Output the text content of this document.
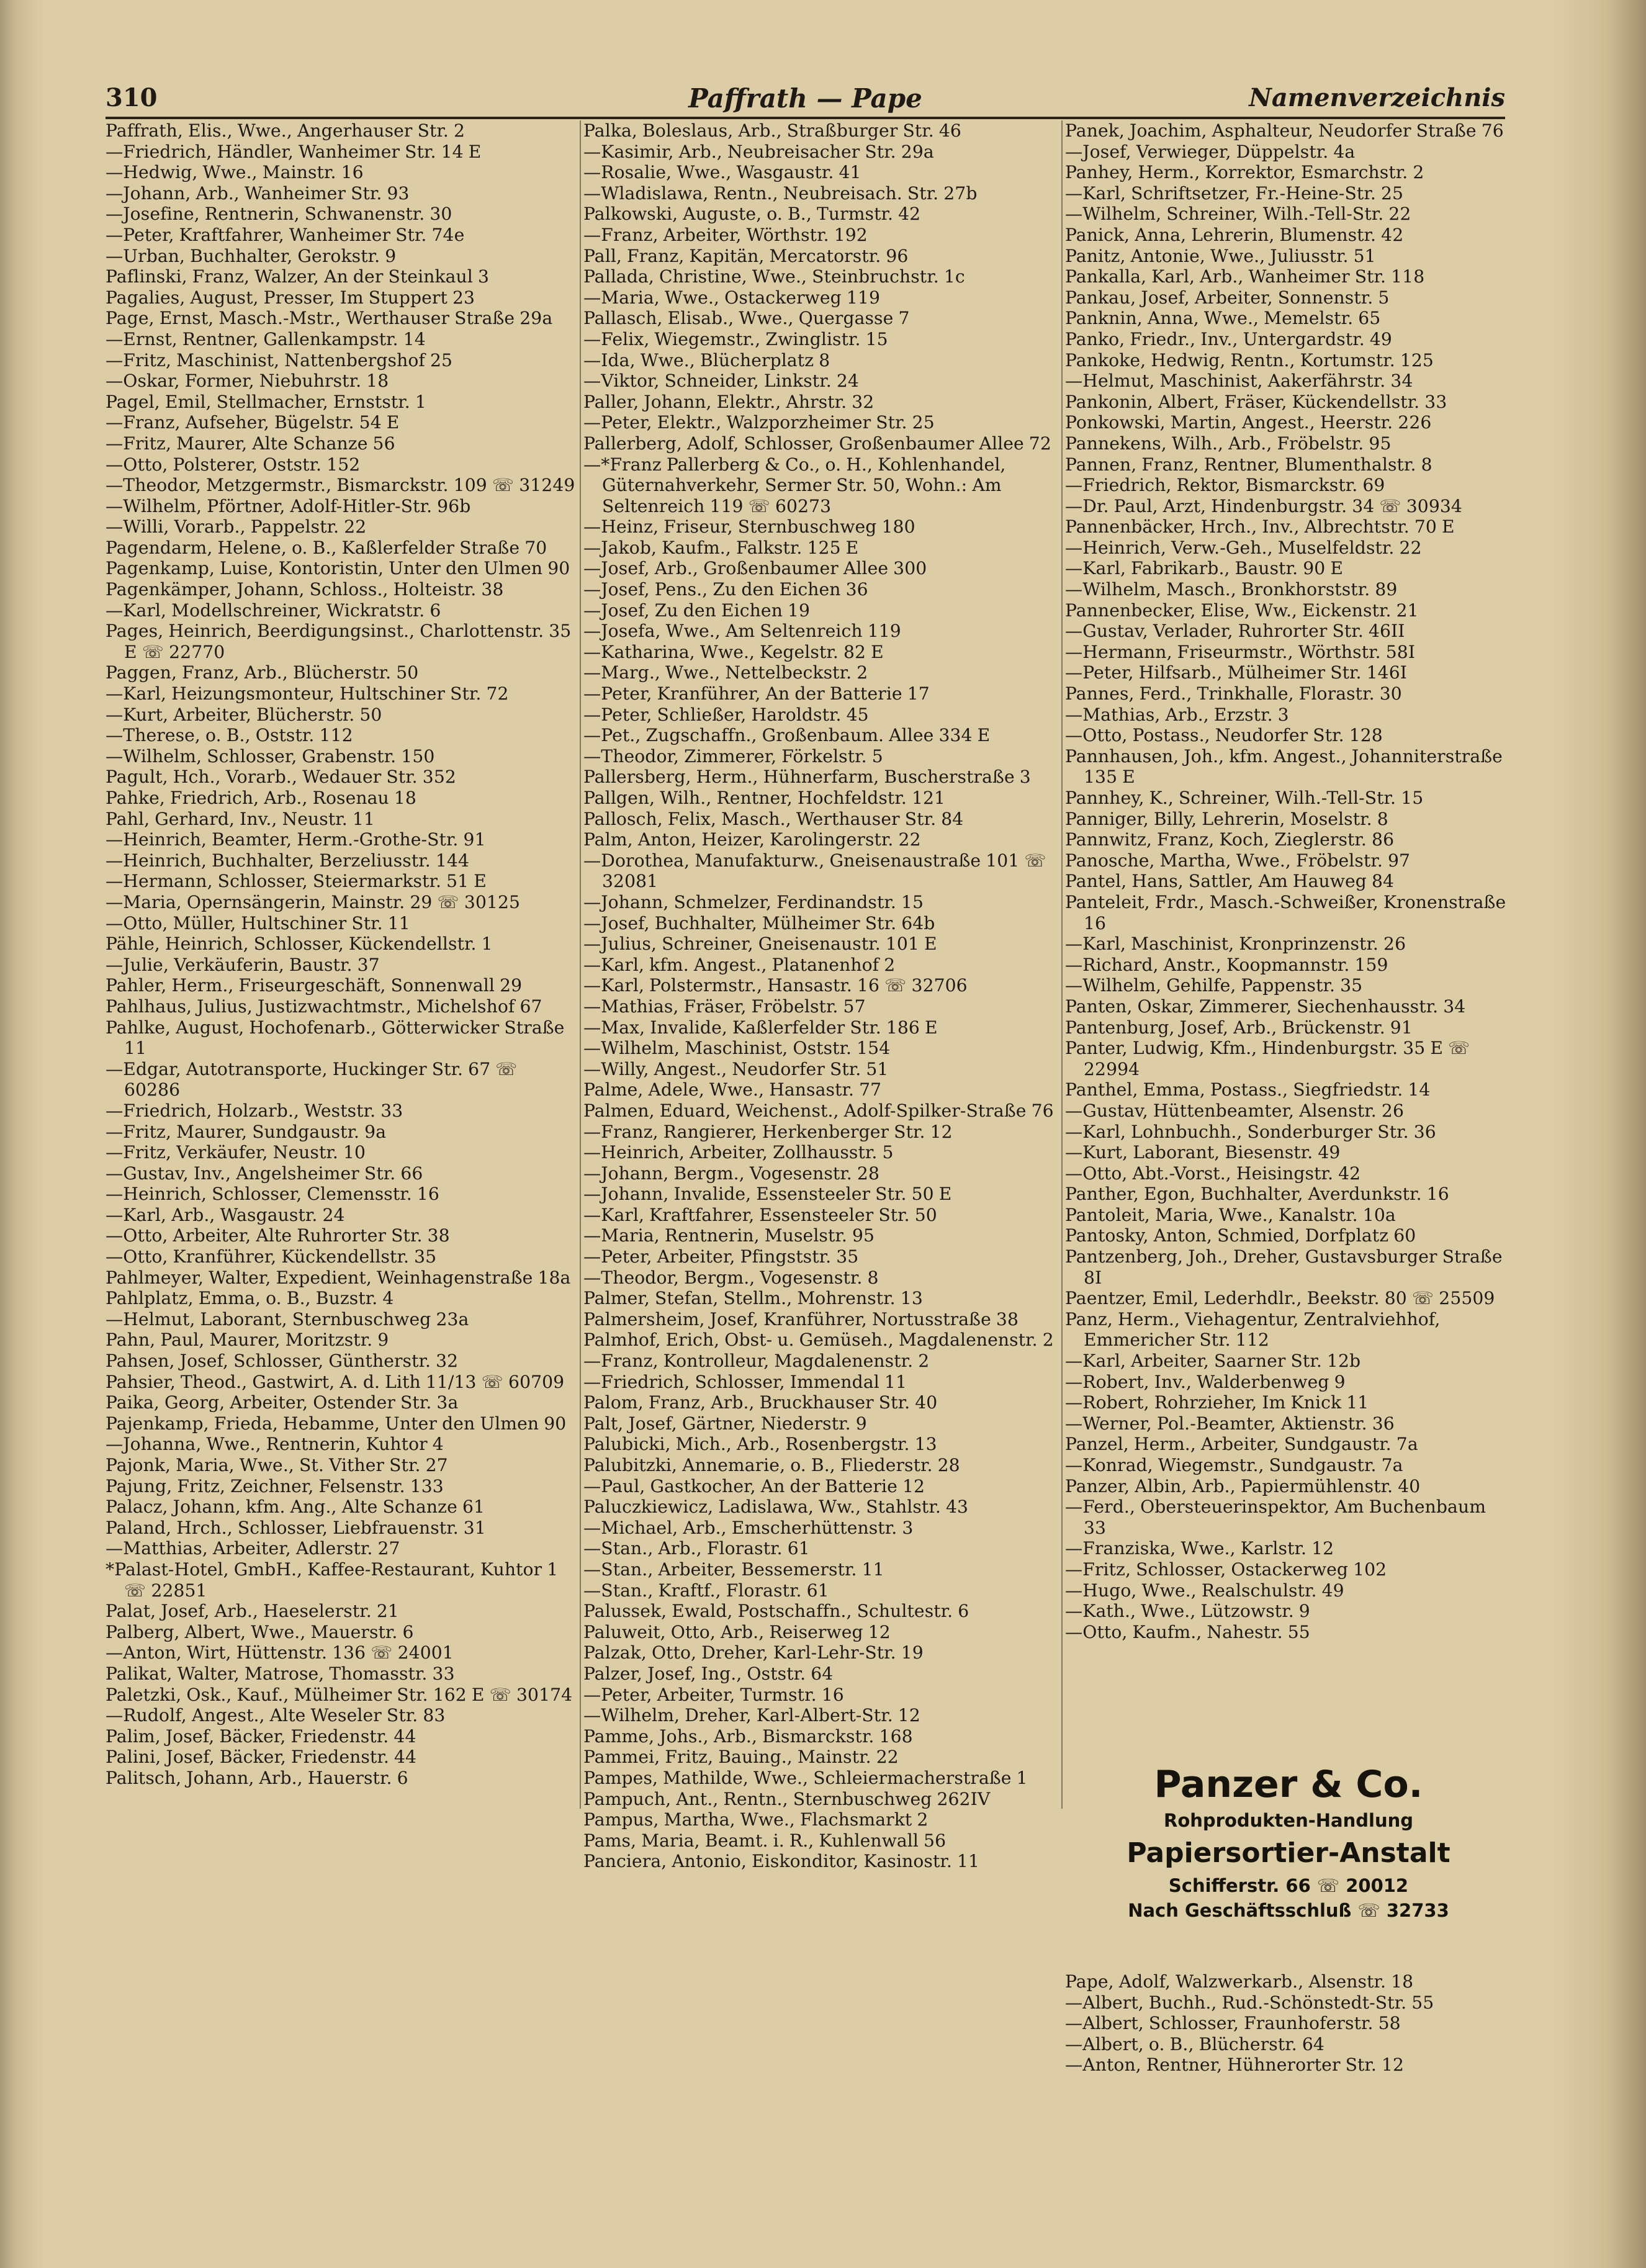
310	Paffrath — Pape	Namenverzeichnis
Paffrath, Elis., Wwe., Angerhauser Str. 2
—Friedrich, Händler, Wanheimer Str. 14 E
—Hedwig, Wwe., Mainstr. 16
—Johann, Arb., Wanheimer Str. 93
—Josefine, Rentnerin, Schwanenstr. 30
—Peter, Kraftfahrer, Wanheimer Str. 74e
—Urban, Buchhalter, Gerokstr. 9
Paflinski, Franz, Walzer, An der Steinkaul 3
Pagalies, August, Presser, Im Stuppert 23
Page, Ernst, Masch.-Mstr., Werthauser Straße 29a
—Ernst, Rentner, Gallenkampstr. 14
—Fritz, Maschinist, Nattenbergshof 25
—Oskar, Former, Niebuhrstr. 18
Pagel, Emil, Stellmacher, Ernststr. 1
—Franz, Aufseher, Bügelstr. 54 E
—Fritz, Maurer, Alte Schanze 56
—Otto, Polsterer, Oststr. 152
—Theodor, Metzgermstr., Bismarckstr. 109 ☏ 31249
—Wilhelm, Pförtner, Adolf-Hitler-Str. 96b
—Willi, Vorarb., Pappelstr. 22
Pagendarm, Helene, o. B., Kaßlerfelder Straße 70
Pagenkamp, Luise, Kontoristin, Unter den Ulmen 90
Pagenkämper, Johann, Schloss., Holteistr. 38
—Karl, Modellschreiner, Wickratstr. 6
Pages, Heinrich, Beerdigungsinst., Charlottenstr. 35 E ☏ 22770
Paggen, Franz, Arb., Blücherstr. 50
—Karl, Heizungsmonteur, Hultschiner Str. 72
—Kurt, Arbeiter, Blücherstr. 50
—Therese, o. B., Oststr. 112
—Wilhelm, Schlosser, Grabenstr. 150
Pagult, Hch., Vorarb., Wedauer Str. 352
Pahke, Friedrich, Arb., Rosenau 18
Pahl, Gerhard, Inv., Neustr. 11
—Heinrich, Beamter, Herm.-Grothe-Str. 91
—Heinrich, Buchhalter, Berzeliusstr. 144
—Hermann, Schlosser, Steiermarkstr. 51 E
—Maria, Opernsängerin, Mainstr. 29 ☏ 30125
—Otto, Müller, Hultschiner Str. 11
Pähle, Heinrich, Schlosser, Kückendellstr. 1
—Julie, Verkäuferin, Baustr. 37
Pahler, Herm., Friseurgeschäft, Sonnenwall 29
Pahlhaus, Julius, Justizwachtmstr., Michelshof 67
Pahlke, August, Hochofenarb., Götterwicker Straße 11
—Edgar, Autotransporte, Huckinger Str. 67 ☏ 60286
—Friedrich, Holzarb., Weststr. 33
—Fritz, Maurer, Sundgaustr. 9a
—Fritz, Verkäufer, Neustr. 10
—Gustav, Inv., Angelsheimer Str. 66
—Heinrich, Schlosser, Clemensstr. 16
—Karl, Arb., Wasgaustr. 24
—Otto, Arbeiter, Alte Ruhrorter Str. 38
—Otto, Kranführer, Kückendellstr. 35
Pahlmeyer, Walter, Expedient, Weinhagenstraße 18a
Pahlplatz, Emma, o. B., Buzstr. 4
—Helmut, Laborant, Sternbuschweg 23a
Pahn, Paul, Maurer, Moritzstr. 9
Pahsen, Josef, Schlosser, Güntherstr. 32
Pahsier, Theod., Gastwirt, A. d. Lith 11/13 ☏ 60709
Paika, Georg, Arbeiter, Ostender Str. 3a
Pajenkamp, Frieda, Hebamme, Unter den Ulmen 90
—Johanna, Wwe., Rentnerin, Kuhtor 4
Pajonk, Maria, Wwe., St. Vither Str. 27
Pajung, Fritz, Zeichner, Felsenstr. 133
Palacz, Johann, kfm. Ang., Alte Schanze 61
Paland, Hrch., Schlosser, Liebfrauenstr. 31
—Matthias, Arbeiter, Adlerstr. 27
*Palast-Hotel, GmbH., Kaffee-Restaurant, Kuhtor 1 ☏ 22851
Palat, Josef, Arb., Haeselerstr. 21
Palberg, Albert, Wwe., Mauerstr. 6
—Anton, Wirt, Hüttenstr. 136 ☏ 24001
Palikat, Walter, Matrose, Thomasstr. 33
Paletzki, Osk., Kauf., Mülheimer Str. 162 E ☏ 30174
—Rudolf, Angest., Alte Weseler Str. 83
Palim, Josef, Bäcker, Friedenstr. 44
Palini, Josef, Bäcker, Friedenstr. 44
Palitsch, Johann, Arb., Hauerstr. 6
Palka, Boleslaus, Arb., Straßburger Str. 46
—Kasimir, Arb., Neubreisacher Str. 29a
—Rosalie, Wwe., Wasgaustr. 41
—Wladislawa, Rentn., Neubreisach. Str. 27b
Palkowski, Auguste, o. B., Turmstr. 42
—Franz, Arbeiter, Wörthstr. 192
Pall, Franz, Kapitän, Mercatorstr. 96
Pallada, Christine, Wwe., Steinbruchstr. 1c
—Maria, Wwe., Ostackerweg 119
Pallasch, Elisab., Wwe., Quergasse 7
—Felix, Wiegemstr., Zwinglistr. 15
—Ida, Wwe., Blücherplatz 8
—Viktor, Schneider, Linkstr. 24
Paller, Johann, Elektr., Ahrstr. 32
—Peter, Elektr., Walzporzheimer Str. 25
Pallerberg, Adolf, Schlosser, Großenbaumer Allee 72
—*Franz Pallerberg & Co., o. H., Kohlenhandel, Güternahverkehr, Sermer Str. 50, Wohn.: Am Seltenreich 119 ☏ 60273
—Heinz, Friseur, Sternbuschweg 180
—Jakob, Kaufm., Falkstr. 125 E
—Josef, Arb., Großenbaumer Allee 300
—Josef, Pens., Zu den Eichen 36
—Josef, Zu den Eichen 19
—Josefa, Wwe., Am Seltenreich 119
—Katharina, Wwe., Kegelstr. 82 E
—Marg., Wwe., Nettelbeckstr. 2
—Peter, Kranführer, An der Batterie 17
—Peter, Schließer, Haroldstr. 45
—Pet., Zugschaffn., Großenbaum. Allee 334 E
—Theodor, Zimmerer, Förkelstr. 5
Pallersberg, Herm., Hühnerfarm, Buscherstraße 3
Pallgen, Wilh., Rentner, Hochfeldstr. 121
Pallosch, Felix, Masch., Werthauser Str. 84
Palm, Anton, Heizer, Karolingerstr. 22
—Dorothea, Manufakturw., Gneisenaustraße 101 ☏ 32081
—Johann, Schmelzer, Ferdinandstr. 15
—Josef, Buchhalter, Mülheimer Str. 64b
—Julius, Schreiner, Gneisenaustr. 101 E
—Karl, kfm. Angest., Platanenhof 2
—Karl, Polstermstr., Hansastr. 16 ☏ 32706
—Mathias, Fräser, Fröbelstr. 57
—Max, Invalide, Kaßlerfelder Str. 186 E
—Wilhelm, Maschinist, Oststr. 154
—Willy, Angest., Neudorfer Str. 51
Palme, Adele, Wwe., Hansastr. 77
Palmen, Eduard, Weichenst., Adolf-Spilker-Straße 76
—Franz, Rangierer, Herkenberger Str. 12
—Heinrich, Arbeiter, Zollhausstr. 5
—Johann, Bergm., Vogesenstr. 28
—Johann, Invalide, Essensteeler Str. 50 E
—Karl, Kraftfahrer, Essensteeler Str. 50
—Maria, Rentnerin, Muselstr. 95
—Peter, Arbeiter, Pfingststr. 35
—Theodor, Bergm., Vogesenstr. 8
Palmer, Stefan, Stellm., Mohrenstr. 13
Palmersheim, Josef, Kranführer, Nortusstraße 38
Palmhof, Erich, Obst- u. Gemüseh., Magdalenenstr. 2
—Franz, Kontrolleur, Magdalenenstr. 2
—Friedrich, Schlosser, Immendal 11
Palom, Franz, Arb., Bruckhauser Str. 40
Palt, Josef, Gärtner, Niederstr. 9
Palubicki, Mich., Arb., Rosenbergstr. 13
Palubitzki, Annemarie, o. B., Fliederstr. 28
—Paul, Gastkocher, An der Batterie 12
Paluczkiewicz, Ladislawa, Ww., Stahlstr. 43
—Michael, Arb., Emscherhüttenstr. 3
—Stan., Arb., Florastr. 61
—Stan., Arbeiter, Bessemerstr. 11
—Stan., Kraftf., Florastr. 61
Palussek, Ewald, Postschaffn., Schultestr. 6
Paluweit, Otto, Arb., Reiserweg 12
Palzak, Otto, Dreher, Karl-Lehr-Str. 19
Palzer, Josef, Ing., Oststr. 64
—Peter, Arbeiter, Turmstr. 16
—Wilhelm, Dreher, Karl-Albert-Str. 12
Pamme, Johs., Arb., Bismarckstr. 168
Pammei, Fritz, Bauing., Mainstr. 22
Pampes, Mathilde, Wwe., Schleiermacherstraße 1
Pampuch, Ant., Rentn., Sternbuschweg 262IV
Pampus, Martha, Wwe., Flachsmarkt 2
Pams, Maria, Beamt. i. R., Kuhlenwall 56
Panciera, Antonio, Eiskonditor, Kasinostr. 11
Panek, Joachim, Asphalteur, Neudorfer Straße 76
—Josef, Verwieger, Düppelstr. 4a
Panhey, Herm., Korrektor, Esmarchstr. 2
—Karl, Schriftsetzer, Fr.-Heine-Str. 25
—Wilhelm, Schreiner, Wilh.-Tell-Str. 22
Panick, Anna, Lehrerin, Blumenstr. 42
Panitz, Antonie, Wwe., Juliusstr. 51
Pankalla, Karl, Arb., Wanheimer Str. 118
Pankau, Josef, Arbeiter, Sonnenstr. 5
Panknin, Anna, Wwe., Memelstr. 65
Panko, Friedr., Inv., Untergardstr. 49
Pankoke, Hedwig, Rentn., Kortumstr. 125
—Helmut, Maschinist, Aakerfährstr. 34
Pankonin, Albert, Fräser, Kückendellstr. 33
Ponkowski, Martin, Angest., Heerstr. 226
Pannekens, Wilh., Arb., Fröbelstr. 95
Pannen, Franz, Rentner, Blumenthalstr. 8
—Friedrich, Rektor, Bismarckstr. 69
—Dr. Paul, Arzt, Hindenburgstr. 34 ☏ 30934
Pannenbäcker, Hrch., Inv., Albrechtstr. 70 E
—Heinrich, Verw.-Geh., Muselfeldstr. 22
—Karl, Fabrikarb., Baustr. 90 E
—Wilhelm, Masch., Bronkhorststr. 89
Pannenbecker, Elise, Ww., Eickenstr. 21
—Gustav, Verlader, Ruhrorter Str. 46II
—Hermann, Friseurmstr., Wörthstr. 58I
—Peter, Hilfsarb., Mülheimer Str. 146I
Pannes, Ferd., Trinkhalle, Florastr. 30
—Mathias, Arb., Erzstr. 3
—Otto, Postass., Neudorfer Str. 128
Pannhausen, Joh., kfm. Angest., Johanniterstraße 135 E
Pannhey, K., Schreiner, Wilh.-Tell-Str. 15
Panniger, Billy, Lehrerin, Moselstr. 8
Pannwitz, Franz, Koch, Zieglerstr. 86
Panosche, Martha, Wwe., Fröbelstr. 97
Pantel, Hans, Sattler, Am Hauweg 84
Panteleit, Frdr., Masch.-Schweißer, Kronenstraße 16
—Karl, Maschinist, Kronprinzenstr. 26
—Richard, Anstr., Koopmannstr. 159
—Wilhelm, Gehilfe, Pappenstr. 35
Panten, Oskar, Zimmerer, Siechenhausstr. 34
Pantenburg, Josef, Arb., Brückenstr. 91
Panter, Ludwig, Kfm., Hindenburgstr. 35 E ☏ 22994
Panthel, Emma, Postass., Siegfriedstr. 14
—Gustav, Hüttenbeamter, Alsenstr. 26
—Karl, Lohnbuchh., Sonderburger Str. 36
—Kurt, Laborant, Biesenstr. 49
—Otto, Abt.-Vorst., Heisingstr. 42
Panther, Egon, Buchhalter, Averdunkstr. 16
Pantoleit, Maria, Wwe., Kanalstr. 10a
Pantosky, Anton, Schmied, Dorfplatz 60
Pantzenberg, Joh., Dreher, Gustavsburger Straße 8I
Paentzer, Emil, Lederhdlr., Beekstr. 80 ☏ 25509
Panz, Herm., Viehagentur, Zentralviehhof, Emmericher Str. 112
—Karl, Arbeiter, Saarner Str. 12b
—Robert, Inv., Walderbenweg 9
—Robert, Rohrzieher, Im Knick 11
—Werner, Pol.-Beamter, Aktienstr. 36
Panzel, Herm., Arbeiter, Sundgaustr. 7a
—Konrad, Wiegemstr., Sundgaustr. 7a
Panzer, Albin, Arb., Papiermühlenstr. 40
—Ferd., Obersteuerinspektor, Am Buchenbaum 33
—Franziska, Wwe., Karlstr. 12
—Fritz, Schlosser, Ostackerweg 102
—Hugo, Wwe., Realschulstr. 49
—Kath., Wwe., Lützowstr. 9
—Otto, Kaufm., Nahestr. 55
Panzer & Co.
Rohprodukten-Handlung
Papiersortier-Anstalt
Schifferstr. 66 ☏ 20012
Nach Geschäftsschluß ☏ 32733
Pape, Adolf, Walzwerkarb., Alsenstr. 18
—Albert, Buchh., Rud.-Schönstedt-Str. 55
—Albert, Schlosser, Fraunhoferstr. 58
—Albert, o. B., Blücherstr. 64
—Anton, Rentner, Hühnerorter Str. 12
